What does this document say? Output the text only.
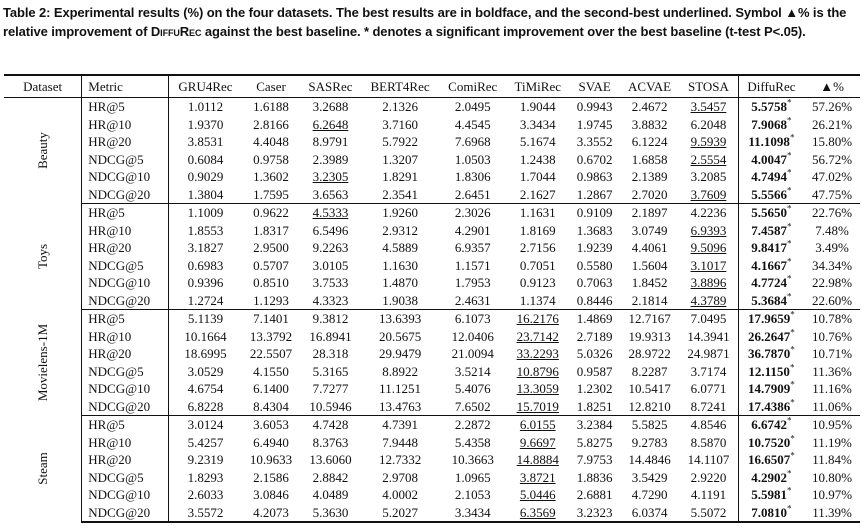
Table 2: Experimental results (%) on the four datasets. The best results are in boldface, and the second-best underlined. Symbol ▲% is the relative improvement of DiffuRec against the best baseline. * denotes a significant improvement over the best baseline (t-test P<.05).
Dataset	Metric	GRU4Rec	Caser	SASRec	BERT4Rec	ComiRec	TiMiRec	SVAE	ACVAE	STOSA	DiffuRec	▲%
Beauty	HR@5	1.0112	1.6188	3.2688	2.1326	2.0495	1.9044	0.9943	2.4672	3.5457	5.5758*	57.26%
	HR@10	1.9370	2.8166	6.2648	3.7160	4.4545	3.3434	1.9745	3.8832	6.2048	7.9068*	26.21%
	HR@20	3.8531	4.4048	8.9791	5.7922	7.6968	5.1674	3.3552	6.1224	9.5939	11.1098*	15.80%
	NDCG@5	0.6084	0.9758	2.3989	1.3207	1.0503	1.2438	0.6702	1.6858	2.5554	4.0047*	56.72%
	NDCG@10	0.9029	1.3602	3.2305	1.8291	1.8306	1.7044	0.9863	2.1389	3.2085	4.7494*	47.02%
	NDCG@20	1.3804	1.7595	3.6563	2.3541	2.6451	2.1627	1.2867	2.7020	3.7609	5.5566*	47.75%
Toys	HR@5	1.1009	0.9622	4.5333	1.9260	2.3026	1.1631	0.9109	2.1897	4.2236	5.5650*	22.76%
	HR@10	1.8553	1.8317	6.5496	2.9312	4.2901	1.8169	1.3683	3.0749	6.9393	7.4587*	7.48%
	HR@20	3.1827	2.9500	9.2263	4.5889	6.9357	2.7156	1.9239	4.4061	9.5096	9.8417*	3.49%
	NDCG@5	0.6983	0.5707	3.0105	1.1630	1.1571	0.7051	0.5580	1.5604	3.1017	4.1667*	34.34%
	NDCG@10	0.9396	0.8510	3.7533	1.4870	1.7953	0.9123	0.7063	1.8452	3.8896	4.7724*	22.98%
	NDCG@20	1.2724	1.1293	4.3323	1.9038	2.4631	1.1374	0.8446	2.1814	4.3789	5.3684*	22.60%
Movielens-1M	HR@5	5.1139	7.1401	9.3812	13.6393	6.1073	16.2176	1.4869	12.7167	7.0495	17.9659*	10.78%
	HR@10	10.1664	13.3792	16.8941	20.5675	12.0406	23.7142	2.7189	19.9313	14.3941	26.2647*	10.76%
	HR@20	18.6995	22.5507	28.318	29.9479	21.0094	33.2293	5.0326	28.9722	24.9871	36.7870*	10.71%
	NDCG@5	3.0529	4.1550	5.3165	8.8922	3.5214	10.8796	0.9587	8.2287	3.7174	12.1150*	11.36%
	NDCG@10	4.6754	6.1400	7.7277	11.1251	5.4076	13.3059	1.2302	10.5417	6.0771	14.7909*	11.16%
	NDCG@20	6.8228	8.4304	10.5946	13.4763	7.6502	15.7019	1.8251	12.8210	8.7241	17.4386*	11.06%
Steam	HR@5	3.0124	3.6053	4.7428	4.7391	2.2872	6.0155	3.2384	5.5825	4.8546	6.6742*	10.95%
	HR@10	5.4257	6.4940	8.3763	7.9448	5.4358	9.6697	5.8275	9.2783	8.5870	10.7520*	11.19%
	HR@20	9.2319	10.9633	13.6060	12.7332	10.3663	14.8884	7.9753	14.4846	14.1107	16.6507*	11.84%
	NDCG@5	1.8293	2.1586	2.8842	2.9708	1.0965	3.8721	1.8836	3.5429	2.9220	4.2902*	10.80%
	NDCG@10	2.6033	3.0846	4.0489	4.0002	2.1053	5.0446	2.6881	4.7290	4.1191	5.5981*	10.97%
	NDCG@20	3.5572	4.2073	5.3630	5.2027	3.3434	6.3569	3.2323	6.0374	5.5072	7.0810*	11.39%
